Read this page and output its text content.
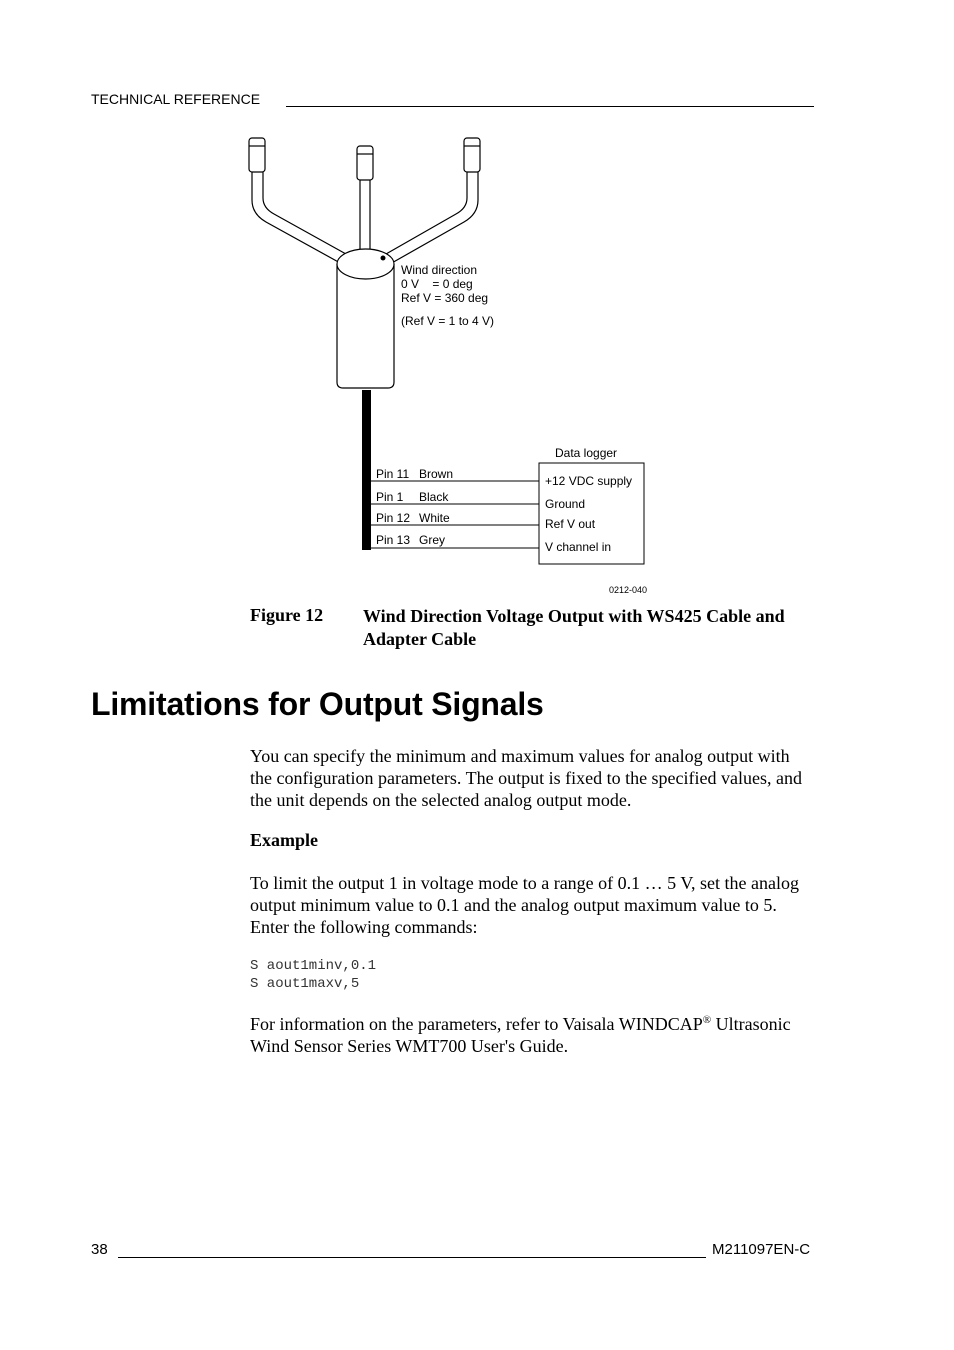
TECHNICAL REFERENCE
Wind direction
0 V    = 0 deg
Ref V = 360 deg
(Ref V = 1 to 4 V)
Data logger
Pin 11 Brown
Pin 1 Black
Pin 12 White
Pin 13 Grey
+12 VDC supply
Ground
Ref V out
V channel in
0212-040
Figure 12 Wind Direction Voltage Output with WS425 Cable and Adapter Cable
Limitations for Output Signals
You can specify the minimum and maximum values for analog output with the configuration parameters. The output is fixed to the specified values, and the unit depends on the selected analog output mode.
Example
To limit the output 1 in voltage mode to a range of 0.1 … 5 V, set the analog output minimum value to 0.1 and the analog output maximum value to 5. Enter the following commands:
S aout1minv,0.1
S aout1maxv,5
For information on the parameters, refer to Vaisala WINDCAP® Ultrasonic Wind Sensor Series WMT700 User's Guide.
38	M211097EN-C
